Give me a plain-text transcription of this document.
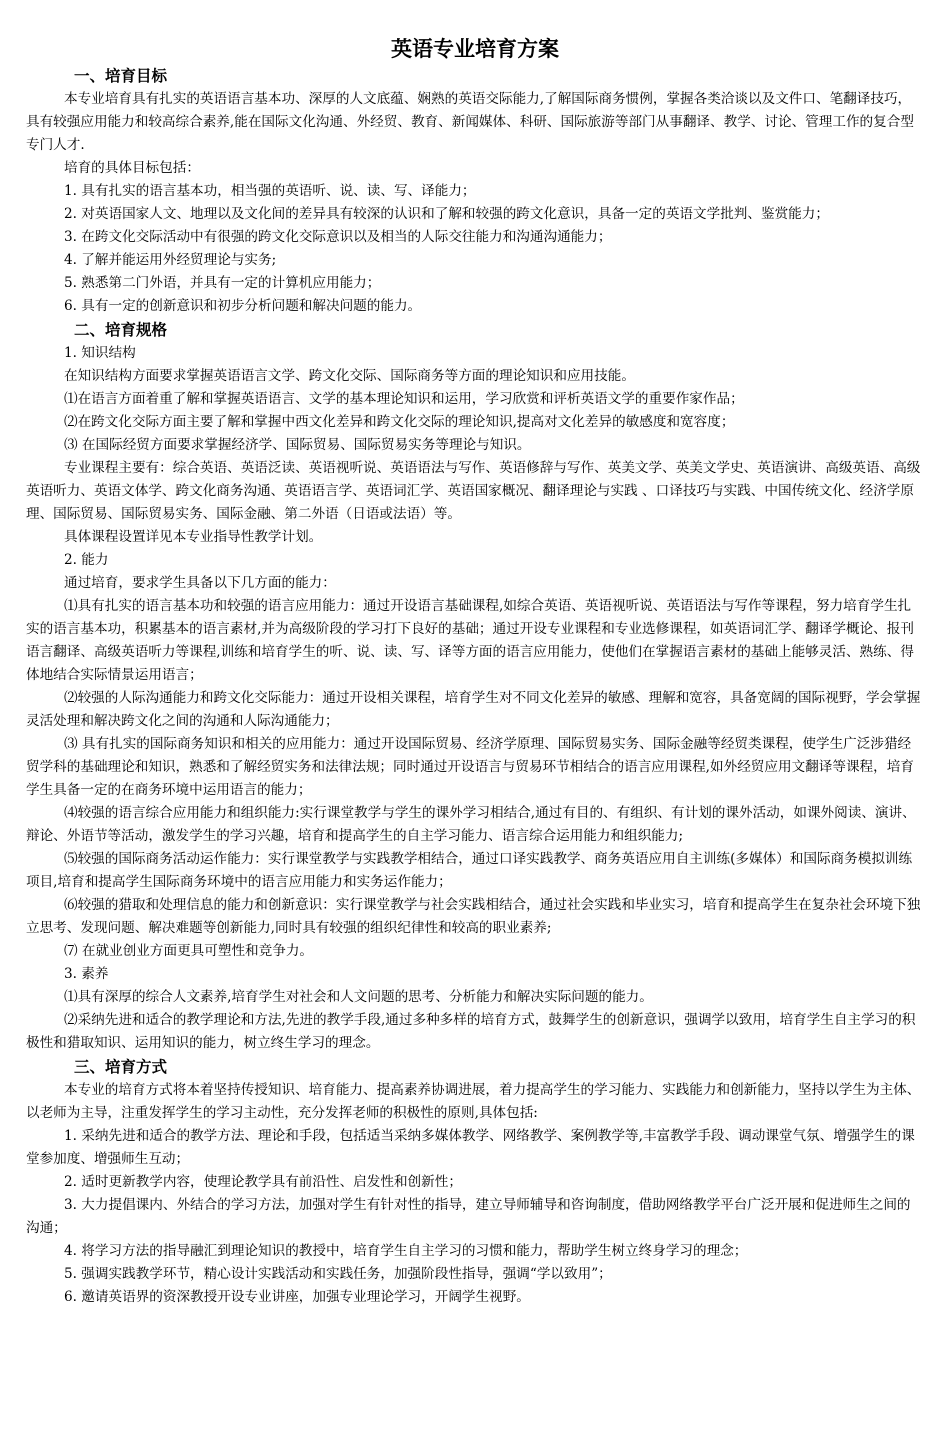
英语专业培育方案
一、培育目标

本专业培育具有扎实的英语语言基本功、深厚的人文底蕴、娴熟的英语交际能力,了解国际商务惯例，掌握各类洽谈以及文件口、笔翻译技巧，具有较强应用能力和较高综合素养,能在国际文化沟通、外经贸、教育、新闻媒体、科研、国际旅游等部门从事翻译、教学、讨论、管理工作的复合型专门人才.

培育的具体目标包括：

1. 具有扎实的语言基本功，相当强的英语听、说、读、写、译能力；

2. 对英语国家人文、地理以及文化间的差异具有较深的认识和了解和较强的跨文化意识，具备一定的英语文学批判、鉴赏能力；

3. 在跨文化交际活动中有很强的跨文化交际意识以及相当的人际交往能力和沟通沟通能力；

4. 了解并能运用外经贸理论与实务;

5. 熟悉第二门外语，并具有一定的计算机应用能力；

6. 具有一定的创新意识和初步分析问题和解决问题的能力。

二、培育规格

1. 知识结构

在知识结构方面要求掌握英语语言文学、跨文化交际、国际商务等方面的理论知识和应用技能。

⑴在语言方面着重了解和掌握英语语言、文学的基本理论知识和运用，学习欣赏和评析英语文学的重要作家作品；

⑵在跨文化交际方面主要了解和掌握中西文化差异和跨文化交际的理论知识,提高对文化差异的敏感度和宽容度；

⑶ 在国际经贸方面要求掌握经济学、国际贸易、国际贸易实务等理论与知识。

专业课程主要有：综合英语、英语泛读、英语视听说、英语语法与写作、英语修辞与写作、英美文学、英美文学史、英语演讲、高级英语、高级英语听力、英语文体学、跨文化商务沟通、英语语言学、英语词汇学、英语国家概况、翻译理论与实践 、口译技巧与实践、中国传统文化、经济学原理、国际贸易、国际贸易实务、国际金融、第二外语（日语或法语）等。

具体课程设置详见本专业指导性教学计划。

2. 能力

通过培育，要求学生具备以下几方面的能力：

⑴具有扎实的语言基本功和较强的语言应用能力：通过开设语言基础课程,如综合英语、英语视听说、英语语法与写作等课程，努力培育学生扎实的语言基本功，积累基本的语言素材,并为高级阶段的学习打下良好的基础；通过开设专业课程和专业选修课程，如英语词汇学、翻译学概论、报刊语言翻译、高级英语听力等课程,训练和培育学生的听、说、读、写、译等方面的语言应用能力，使他们在掌握语言素材的基础上能够灵活、熟练、得体地结合实际情景运用语言；

⑵较强的人际沟通能力和跨文化交际能力：通过开设相关课程，培育学生对不同文化差异的敏感、理解和宽容，具备宽阔的国际视野，学会掌握灵活处理和解决跨文化之间的沟通和人际沟通能力；

⑶ 具有扎实的国际商务知识和相关的应用能力：通过开设国际贸易、经济学原理、国际贸易实务、国际金融等经贸类课程，使学生广泛涉猎经贸学科的基础理论和知识，熟悉和了解经贸实务和法律法规；同时通过开设语言与贸易环节相结合的语言应用课程,如外经贸应用文翻译等课程，培育学生具备一定的在商务环境中运用语言的能力；

⑷较强的语言综合应用能力和组织能力:实行课堂教学与学生的课外学习相结合,通过有目的、有组织、有计划的课外活动，如课外阅读、演讲、辩论、外语节等活动，激发学生的学习兴趣，培育和提高学生的自主学习能力、语言综合运用能力和组织能力;

⑸较强的国际商务活动运作能力：实行课堂教学与实践教学相结合，通过口译实践教学、商务英语应用自主训练(多媒体）和国际商务模拟训练项目,培育和提高学生国际商务环境中的语言应用能力和实务运作能力；

⑹较强的猎取和处理信息的能力和创新意识：实行课堂教学与社会实践相结合，通过社会实践和毕业实习，培育和提高学生在复杂社会环境下独立思考、发现问题、解决难题等创新能力,同时具有较强的组织纪律性和较高的职业素养;

⑺ 在就业创业方面更具可塑性和竞争力。

3. 素养

⑴具有深厚的综合人文素养,培育学生对社会和人文问题的思考、分析能力和解决实际问题的能力。

⑵采纳先进和适合的教学理论和方法,先进的教学手段,通过多种多样的培育方式，鼓舞学生的创新意识，强调学以致用，培育学生自主学习的积极性和猎取知识、运用知识的能力，树立终生学习的理念。

三、培育方式

本专业的培育方式将本着坚持传授知识、培育能力、提高素养协调进展，着力提高学生的学习能力、实践能力和创新能力，坚持以学生为主体、以老师为主导，注重发挥学生的学习主动性，充分发挥老师的积极性的原则,具体包括:

1. 采纳先进和适合的教学方法、理论和手段，包括适当采纳多媒体教学、网络教学、案例教学等,丰富教学手段、调动课堂气氛、增强学生的课堂参加度、增强师生互动；

2. 适时更新教学内容，使理论教学具有前沿性、启发性和创新性；

3. 大力提倡课内、外结合的学习方法，加强对学生有针对性的指导，建立导师辅导和咨询制度，借助网络教学平台广泛开展和促进师生之间的沟通；

4. 将学习方法的指导融汇到理论知识的教授中，培育学生自主学习的习惯和能力，帮助学生树立终身学习的理念；

5. 强调实践教学环节，精心设计实践活动和实践任务，加强阶段性指导，强调“学以致用”；

6. 邀请英语界的资深教授开设专业讲座，加强专业理论学习，开阔学生视野。
